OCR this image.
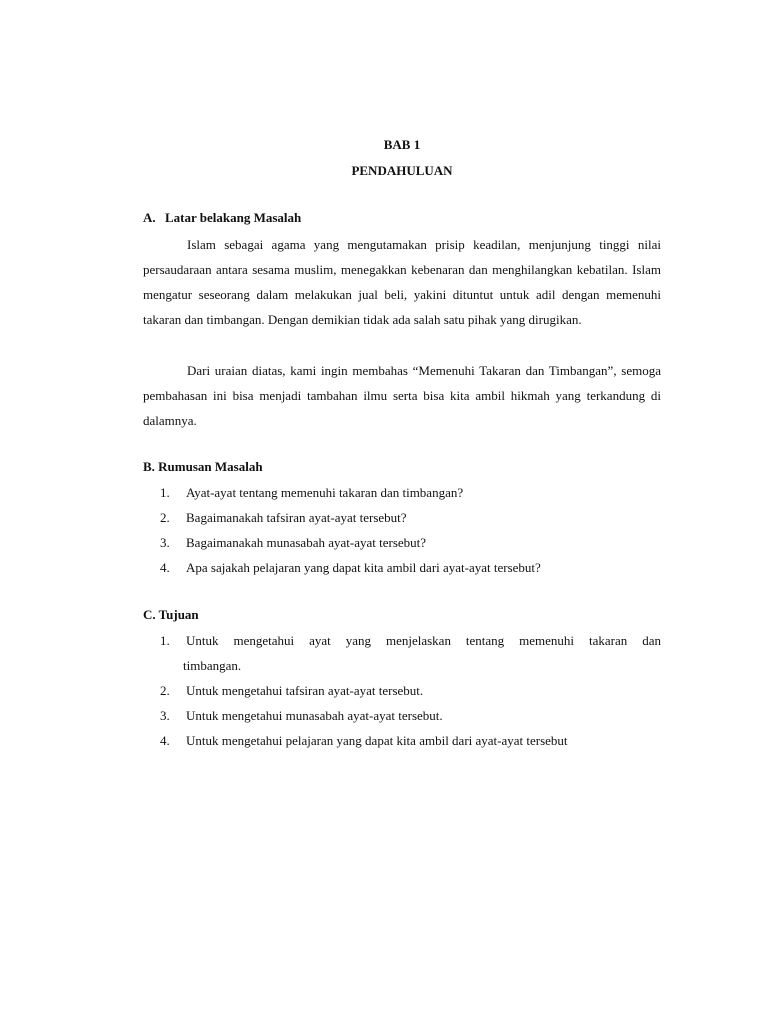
BAB 1
PENDAHULUAN
A. Latar belakang Masalah

Islam sebagai agama yang mengutamakan prisip keadilan, menjunjung tinggi nilai persaudaraan antara sesama muslim, menegakkan kebenaran dan menghilangkan kebatilan. Islam mengatur seseorang dalam melakukan jual beli, yakini dituntut untuk adil dengan memenuhi takaran dan timbangan. Dengan demikian tidak ada salah satu pihak yang dirugikan.

Dari uraian diatas, kami ingin membahas “Memenuhi Takaran dan Timbangan”, semoga pembahasan ini bisa menjadi tambahan ilmu serta bisa kita ambil hikmah yang terkandung di dalamnya.

B. Rumusan Masalah
1. Ayat-ayat tentang memenuhi takaran dan timbangan?
2. Bagaimanakah tafsiran ayat-ayat tersebut?
3. Bagaimanakah munasabah ayat-ayat tersebut?
4. Apa sajakah pelajaran yang dapat kita ambil dari ayat-ayat tersebut?
C. Tujuan
1. Untuk mengetahui ayat yang menjelaskan tentang memenuhi takaran dan
timbangan.
2. Untuk mengetahui tafsiran ayat-ayat tersebut.
3. Untuk mengetahui munasabah ayat-ayat tersebut.
4. Untuk mengetahui pelajaran yang dapat kita ambil dari ayat-ayat tersebut
